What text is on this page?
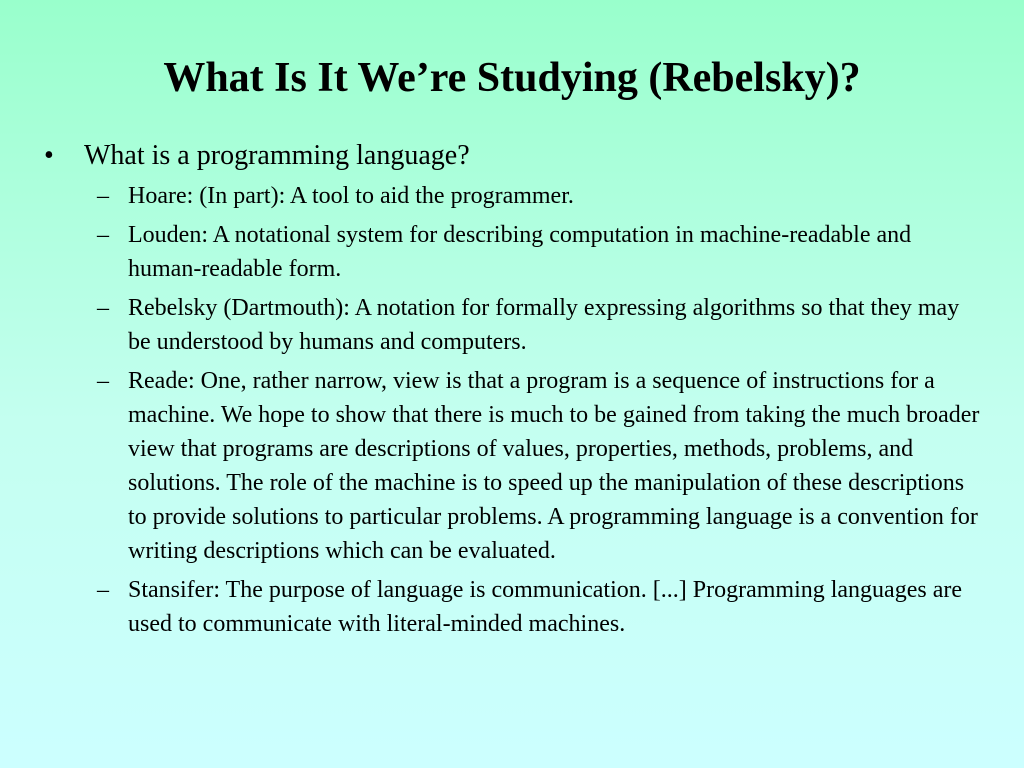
What Is It We’re Studying (Rebelsky)?
•	What is a programming language?
– Hoare: (In part): A tool to aid the programmer.
– Louden: A notational system for describing computation in machine-readable and human-readable form.
– Rebelsky (Dartmouth): A notation for formally expressing algorithms so that they may be understood by humans and computers.
– Reade: One, rather narrow, view is that a program is a sequence of instructions for a machine. We hope to show that there is much to be gained from taking the much broader view that programs are descriptions of values, properties, methods, problems, and solutions. The role of the machine is to speed up the manipulation of these descriptions to provide solutions to particular problems. A programming language is a convention for writing descriptions which can be evaluated.
– Stansifer: The purpose of language is communication. [...] Programming languages are used to communicate with literal-minded machines.
